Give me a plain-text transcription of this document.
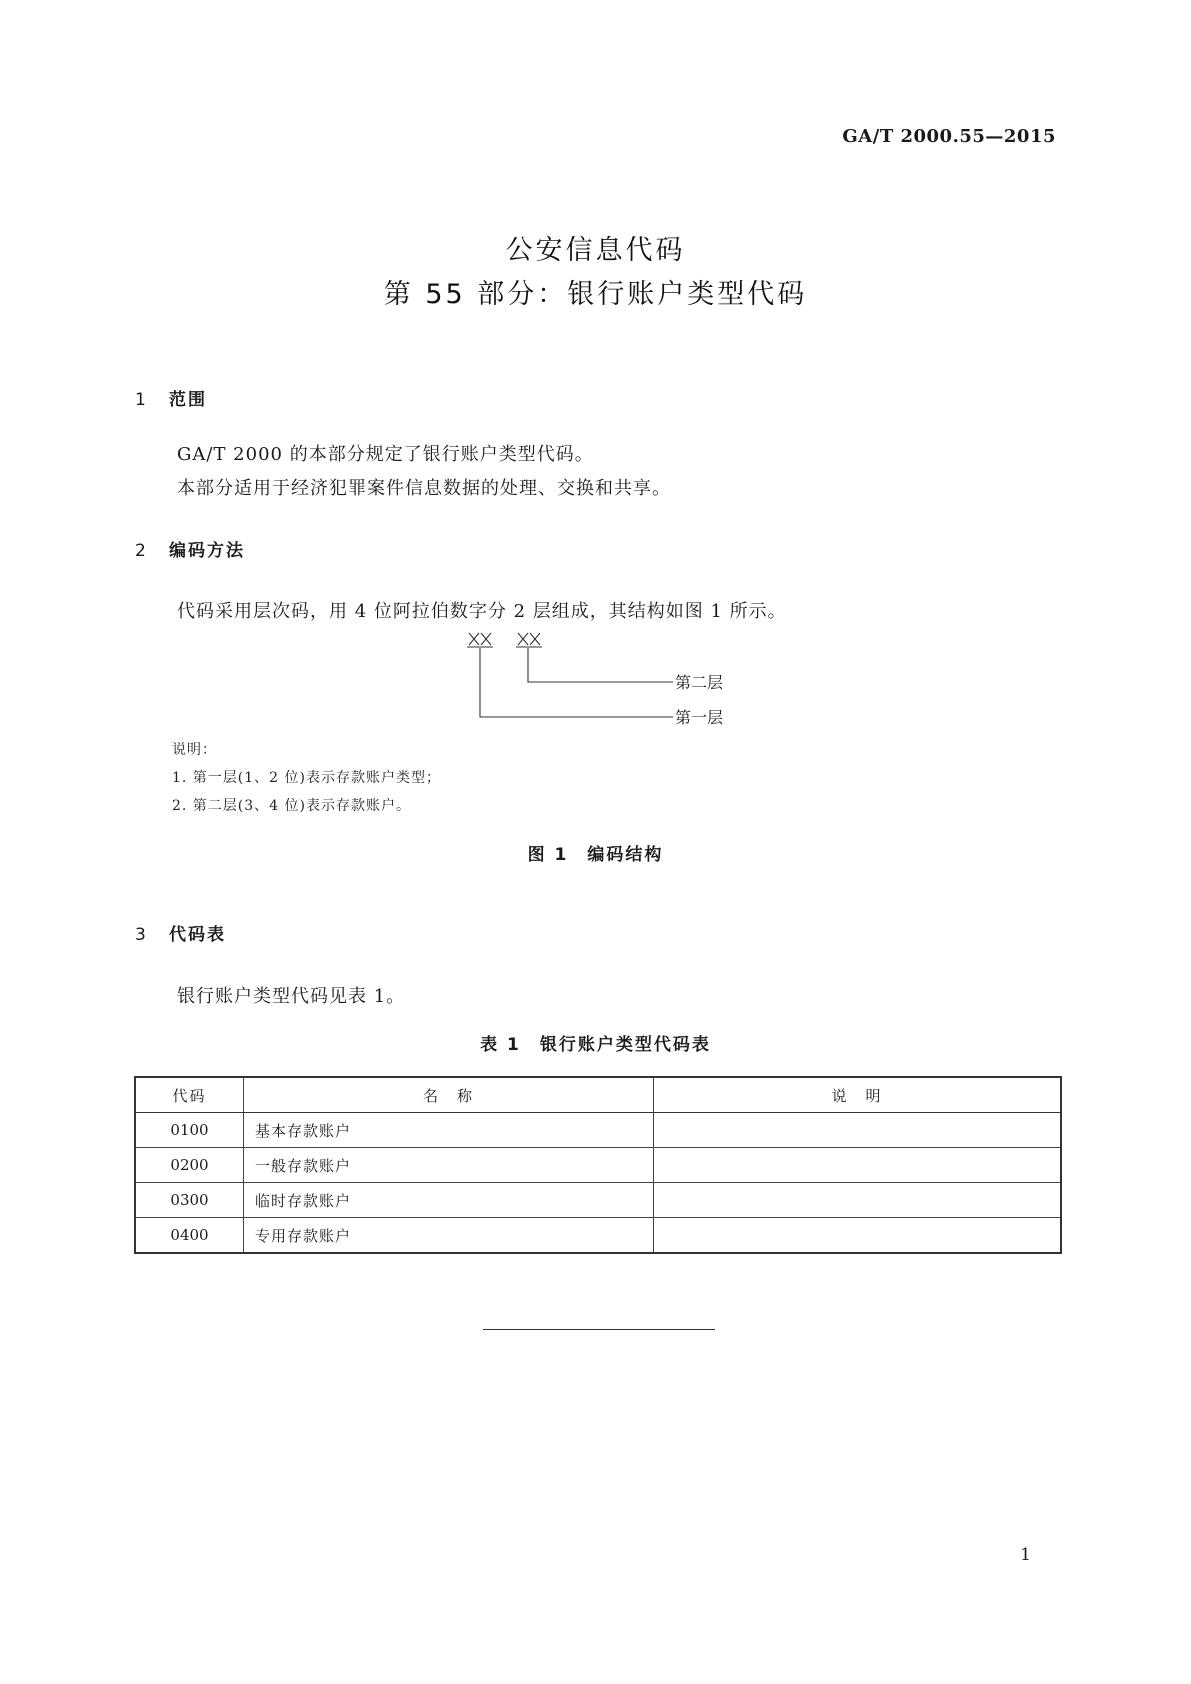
GA/T 2000.55—2015
公安信息代码
第 55 部分：银行账户类型代码
1 范围
GA/T 2000 的本部分规定了银行账户类型代码。
本部分适用于经济犯罪案件信息数据的处理、交换和共享。
2 编码方法
代码采用层次码，用 4 位阿拉伯数字分 2 层组成，其结构如图 1 所示。
第二层
第一层
说明：
1. 第一层(1、2 位)表示存款账户类型；
2. 第二层(3、4 位)表示存款账户。
图 1　编码结构
3 代码表
银行账户类型代码见表 1。
表 1　银行账户类型代码表
代码	名　称	说　明
0100	基本存款账户	
0200	一般存款账户	
0300	临时存款账户	
0400	专用存款账户	
1
